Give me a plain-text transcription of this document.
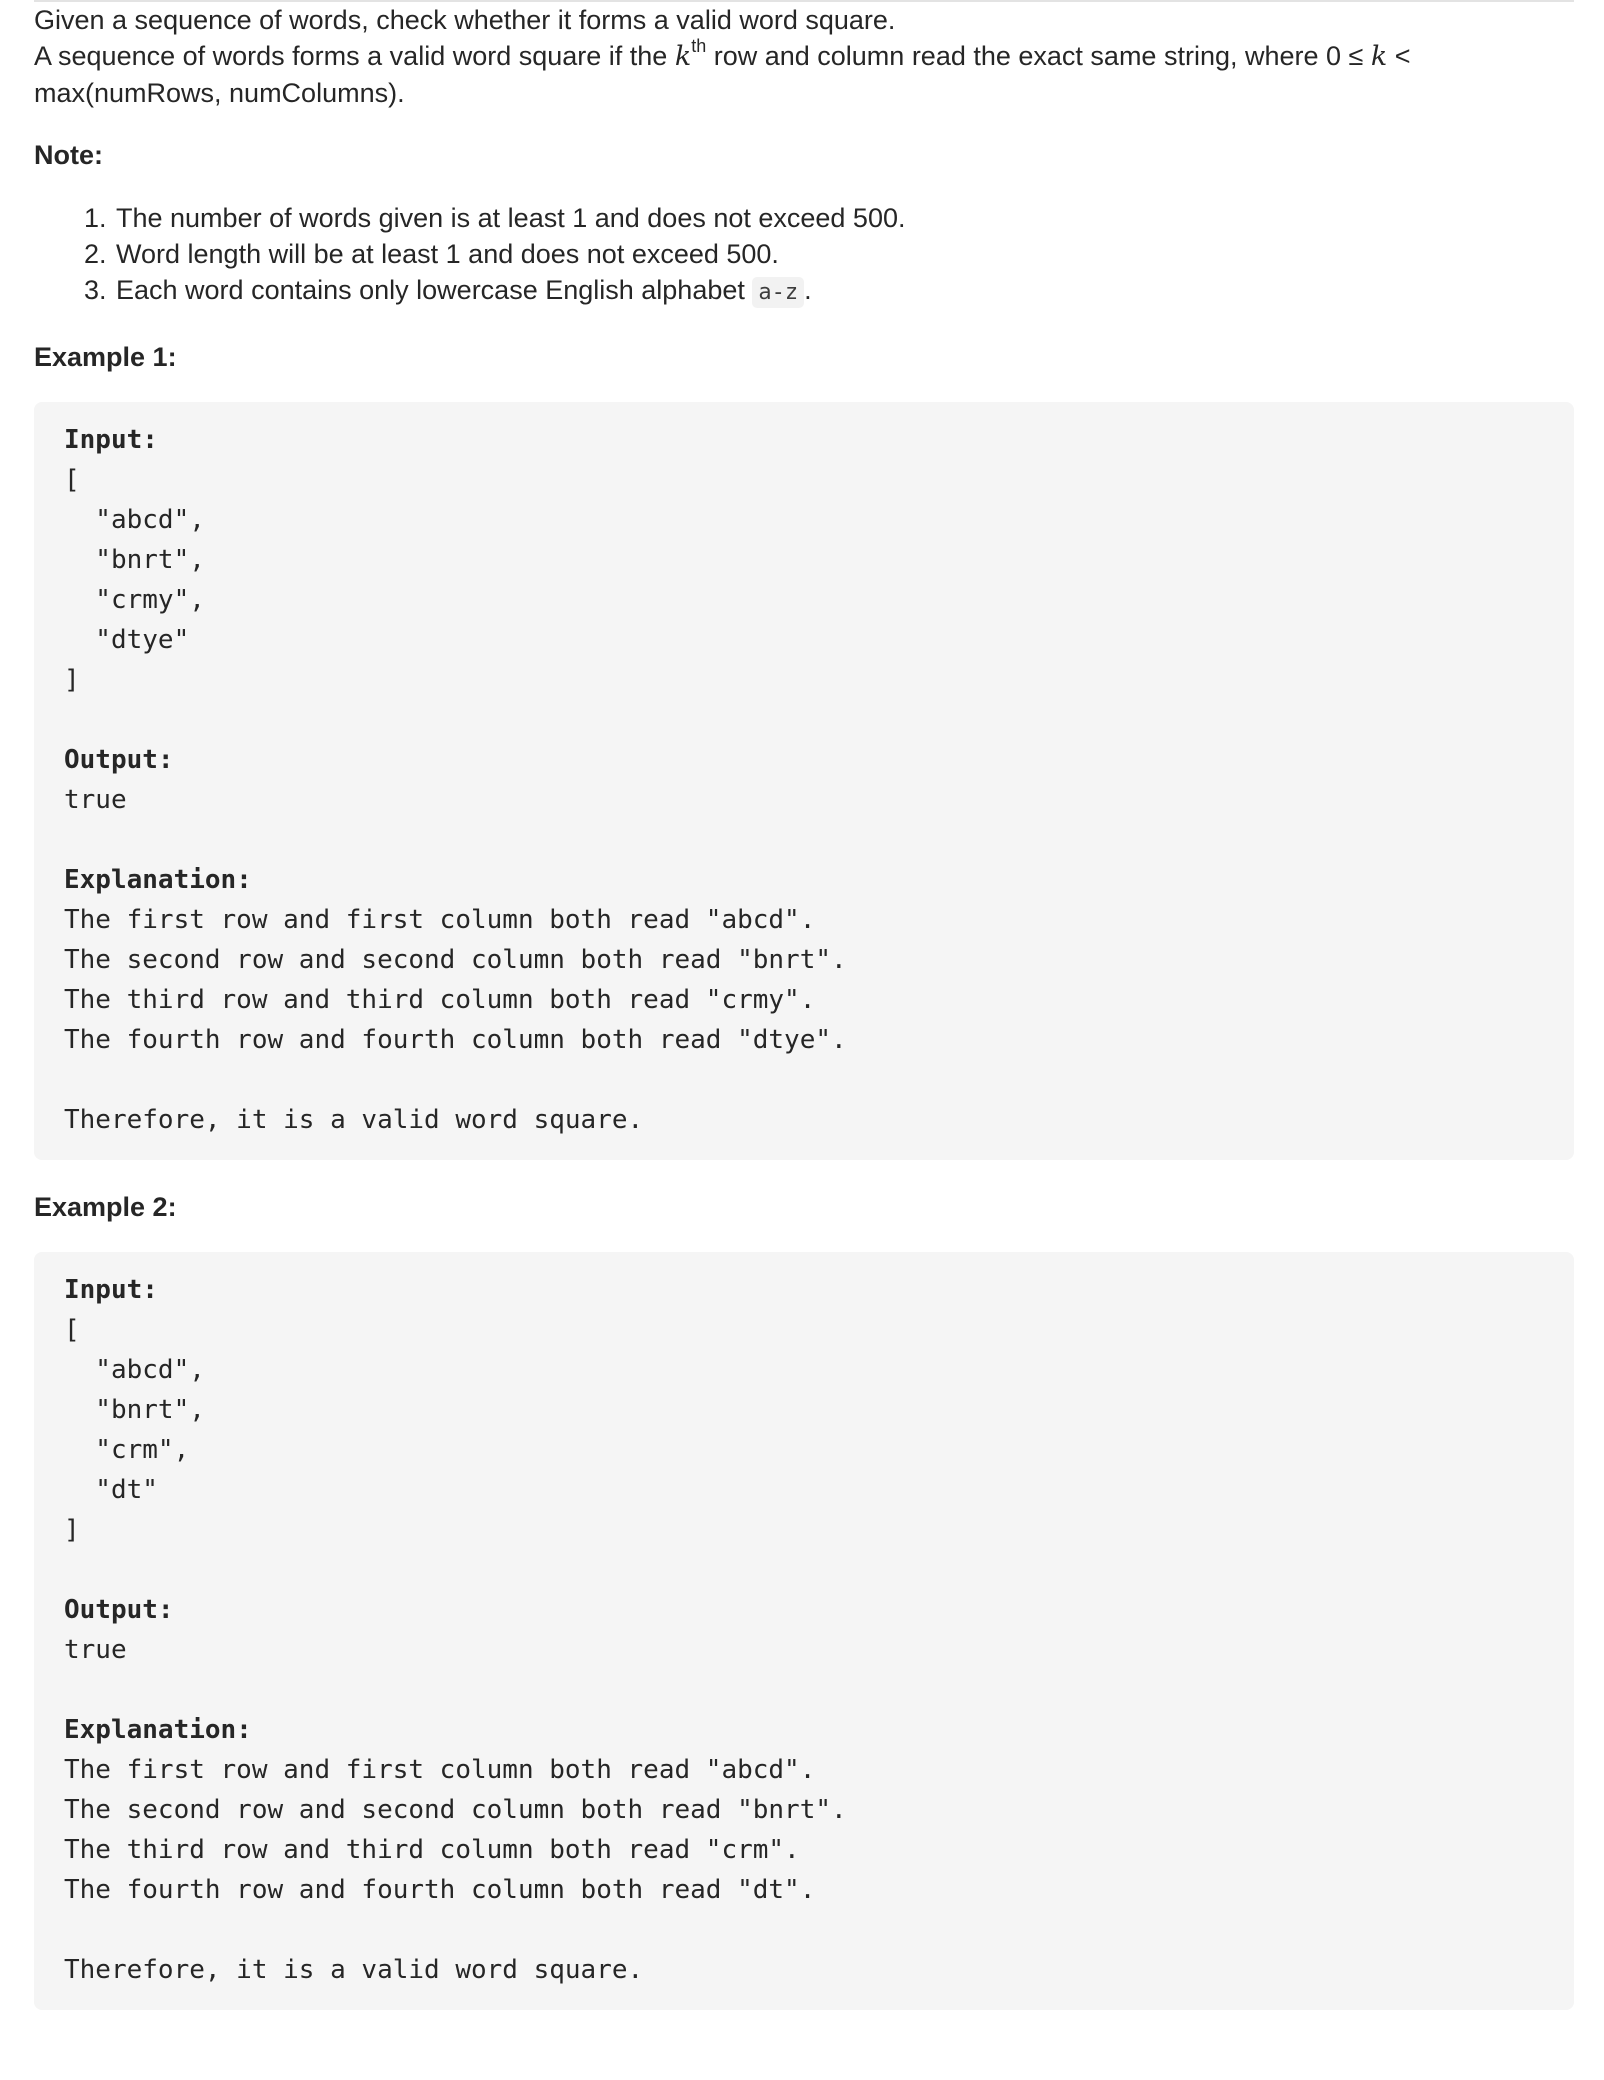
Given a sequence of words, check whether it forms a valid word square.

A sequence of words forms a valid word square if the $k^{th}$ row and column read the exact same string, where 0 ≤ k < max(numRows, numColumns).

Note:
1. The number of words given is at least 1 and does not exceed 500.
2. Word length will be at least 1 and does not exceed 500.
3. Each word contains only lowercase English alphabet a-z .
Example 1:
Input:
[
"abcd",
"bnrt",
"crmy",
"dtye"
]

Output:
true

Explanation:
The first row and first column both read "abcd".
The second row and second column both read "bnrt".
The third row and third column both read "crmy".
The fourth row and fourth column both read "dtye".

Therefore, it is a valid word square.
Example 2:
Input:
[
"abcd",
"bnrt",
"crm",
"dt"
]

Output:
true

Explanation:
The first row and first column both read "abcd".
The second row and second column both read "bnrt".
The third row and third column both read "crm".
The fourth row and fourth column both read "dt".

Therefore, it is a valid word square.
